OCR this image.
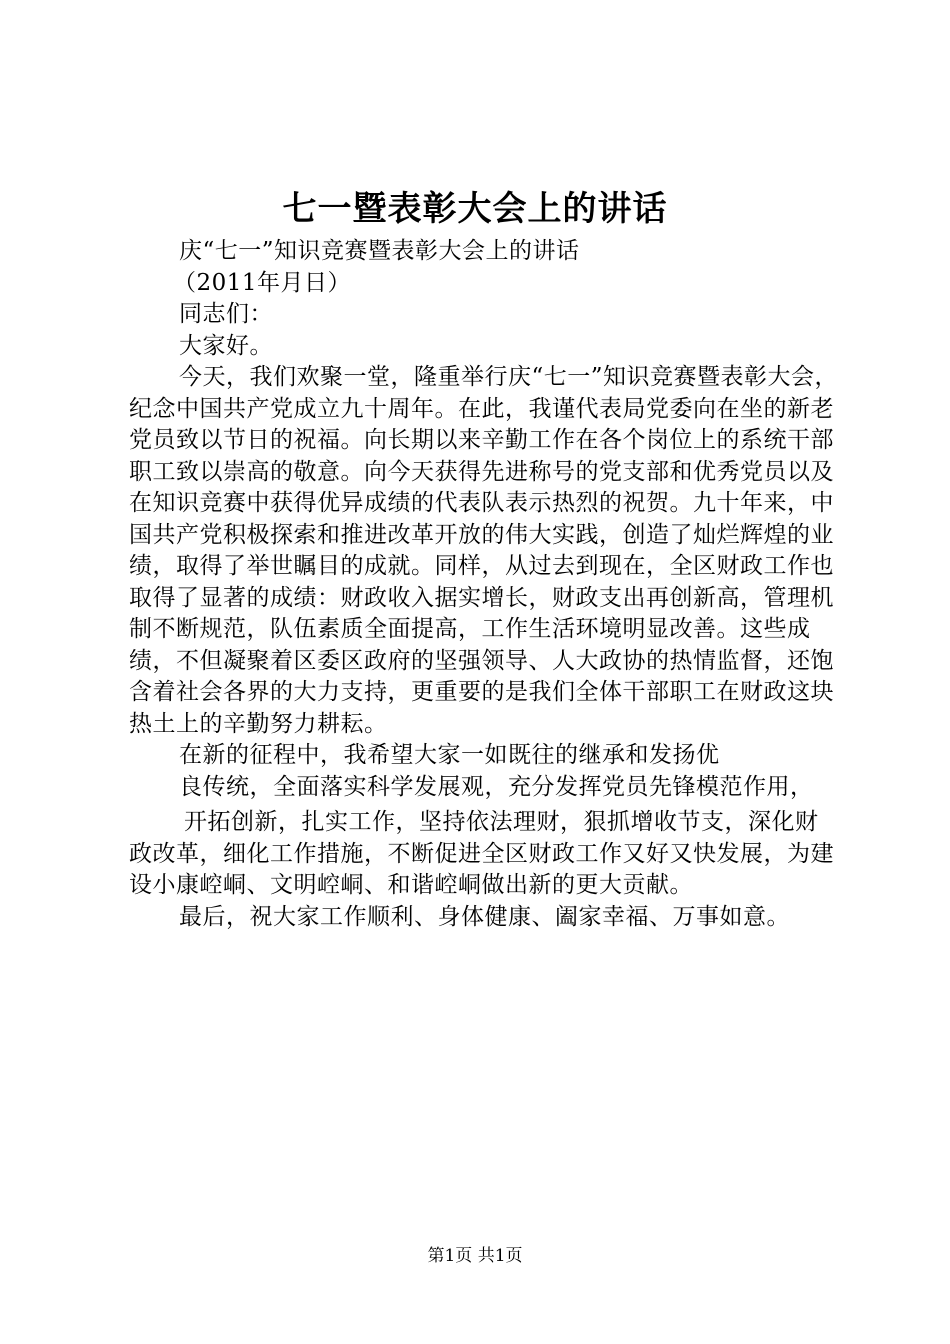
七一暨表彰大会上的讲话

庆“七一”知识竞赛暨表彰大会上的讲话

（2011年月日）

同志们：

大家好。

今天，我们欢聚一堂，隆重举行庆“七一”知识竞赛暨表彰大会，纪念中国共产党成立九十周年。在此，我谨代表局党委向在坐的新老党员致以节日的祝福。向长期以来辛勤工作在各个岗位上的系统干部职工致以崇高的敬意。向今天获得先进称号的党支部和优秀党员以及在知识竞赛中获得优异成绩的代表队表示热烈的祝贺。九十年来，中国共产党积极探索和推进改革开放的伟大实践，创造了灿烂辉煌的业绩，取得了举世瞩目的成就。同样，从过去到现在，全区财政工作也取得了显著的成绩：财政收入据实增长，财政支出再创新高，管理机制不断规范，队伍素质全面提高，工作生活环境明显改善。这些成绩，不但凝聚着区委区政府的坚强领导、人大政协的热情监督，还饱含着社会各界的大力支持，更重要的是我们全体干部职工在财政这块热土上的辛勤努力耕耘。

在新的征程中，我希望大家一如既往的继承和发扬优

良传统，全面落实科学发展观，充分发挥党员先锋模范作用，

开拓创新，扎实工作，坚持依法理财，狠抓增收节支，深化财政改革，细化工作措施，不断促进全区财政工作又好又快发展，为建设小康崆峒、文明崆峒、和谐崆峒做出新的更大贡献。

最后，祝大家工作顺利、身体健康、阖家幸福、万事如意。

第1页 共1页
